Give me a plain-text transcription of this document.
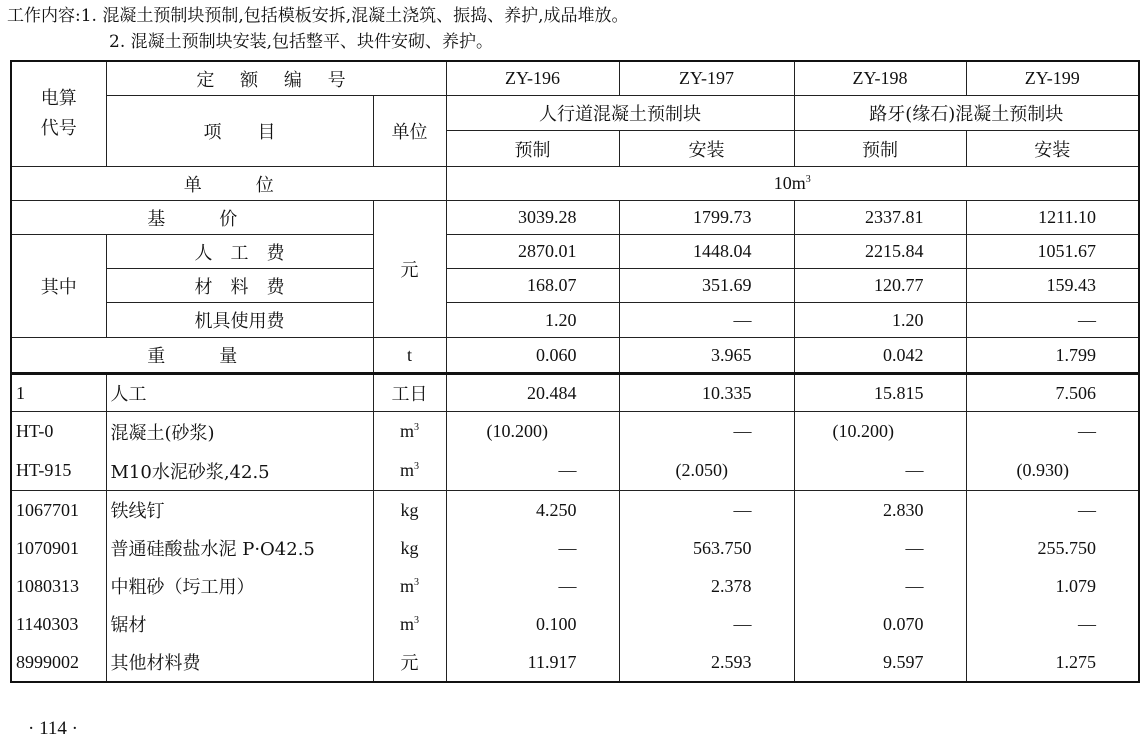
工作内容:1. 混凝土预制块预制,包括模板安拆,混凝土浇筑、振捣、养护,成品堆放。
2. 混凝土预制块安装,包括整平、块件安砌、养护。
电算
代号	定 额 编 号		ZY-196	ZY-197	ZY-198	ZY-199
	项　　目	单位	人行道混凝土预制块		路牙(缘石)混凝土预制块	
			预制	安装	预制	安装
单　　　位			$10m^3$
基　　　价		元	3039.28	1799.73	2337.81	1211.10
其中	人　工　费		2870.01	1448.04	2215.84	1051.67
	材　料　费		168.07	351.69	120.77	159.43
	机具使用费		1.20	—	1.20	—
重　　　量		t	0.060	3.965	0.042	1.799
1	人工	工日	20.484	10.335	15.815	7.506
HT-0	混凝土(砂浆)	$m^3$	(10.200)	—	(10.200)	—
HT-915	M10水泥砂浆,42.5	$m^3$	—	(2.050)	—	(0.930)
1067701	铁线钉	kg	4.250	—	2.830	—
1070901	普通硅酸盐水泥 P·O42.5	kg	—	563.750	—	255.750
1080313	中粗砂（圬工用）	$m^3$	—	2.378	—	1.079
1140303	锯材	$m^3$	0.100	—	0.070	—
8999002	其他材料费	元	11.917	2.593	9.597	1.275
· 114 ·
